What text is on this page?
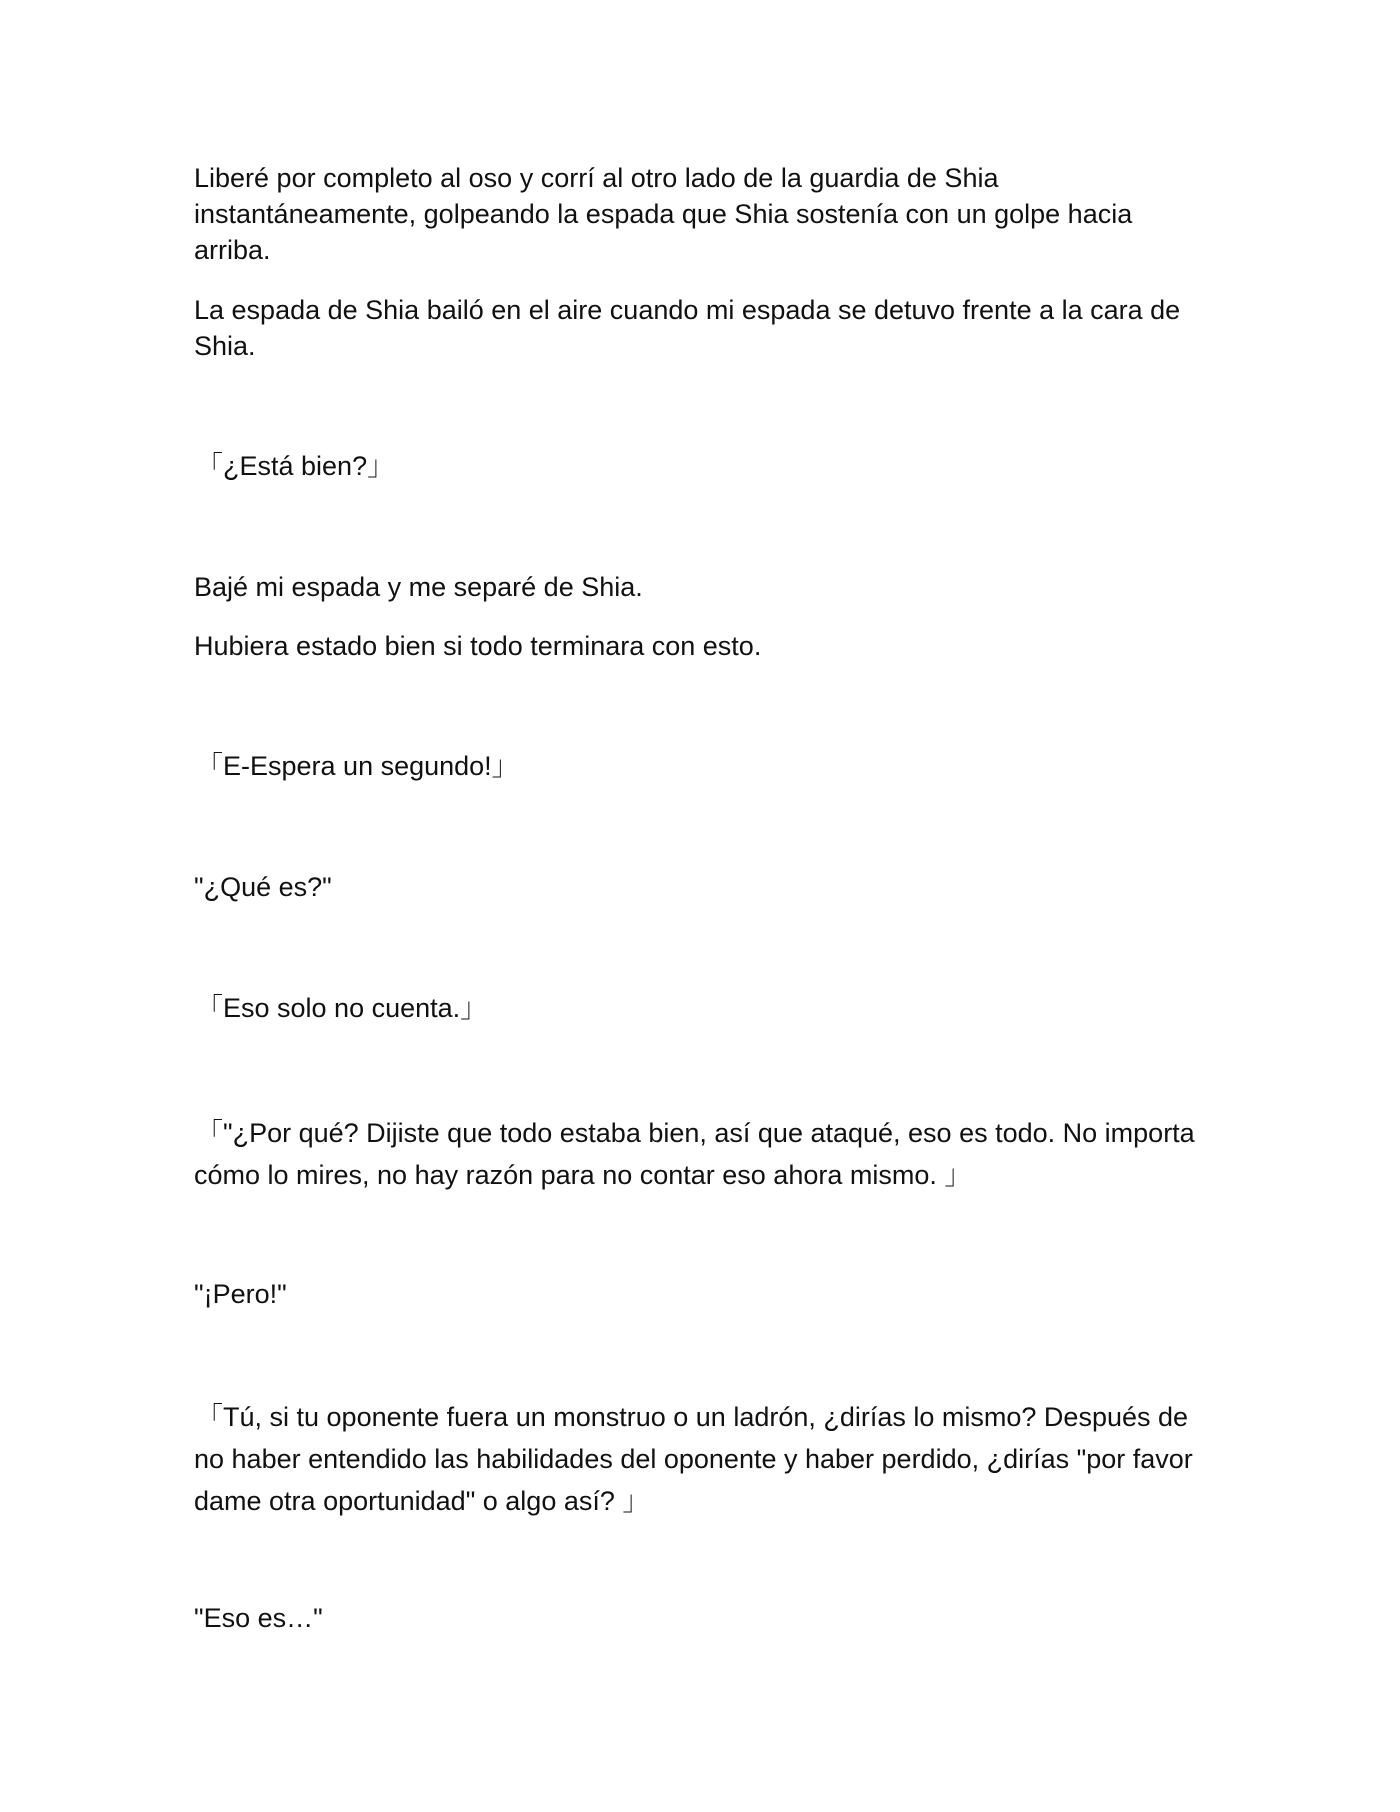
Liberé por completo al oso y corrí al otro lado de la guardia de Shia instantáneamente, golpeando la espada que Shia sostenía con un golpe hacia arriba.

La espada de Shia bailó en el aire cuando mi espada se detuvo frente a la cara de Shia.

「¿Está bien?」

Bajé mi espada y me separé de Shia.

Hubiera estado bien si todo terminara con esto.

「E-Espera un segundo!」

"¿Qué es?"

「Eso solo no cuenta.」

「"¿Por qué? Dijiste que todo estaba bien, así que ataqué, eso es todo. No importa cómo lo mires, no hay razón para no contar eso ahora mismo. 」

"¡Pero!"

「Tú, si tu oponente fuera un monstruo o un ladrón, ¿dirías lo mismo? Después de no haber entendido las habilidades del oponente y haber perdido, ¿dirías "por favor dame otra oportunidad" o algo así? 」

"Eso es…"
